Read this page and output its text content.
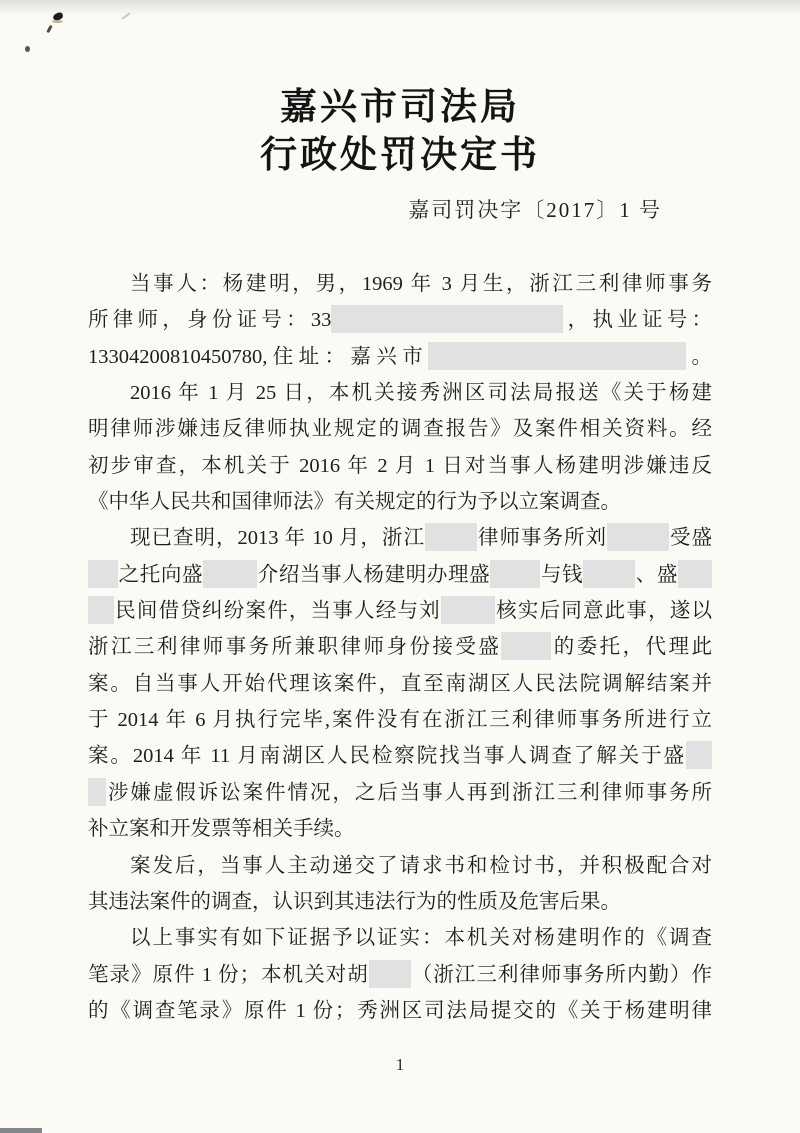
嘉兴市司法局
行政处罚决定书
嘉司罚决字〔2017〕1 号
当事人：杨建明，男，1969 年 3 月生，浙江三利律师事务
所律师，身份证号：33	，执业证号：
13304200810450780,住址：嘉兴市	。
2016 年 1 月 25 日，本机关接秀洲区司法局报送《关于杨建
明律师涉嫌违反律师执业规定的调查报告》及案件相关资料。经
初步审查，本机关于 2016 年 2 月 1 日对当事人杨建明涉嫌违反
《中华人民共和国律师法》有关规定的行为予以立案调查。
现已查明，2013 年 10 月，浙江	律师事务所刘	受盛
之托向盛	介绍当事人杨建明办理盛 与钱	、盛
民间借贷纠纷案件，当事人经与刘	核实后同意此事，遂以
浙江三利律师事务所兼职律师身份接受盛 的委托，代理此
案。自当事人开始代理该案件，直至南湖区人民法院调解结案并
于 2014 年 6 月执行完毕,案件没有在浙江三利律师事务所进行立
案。2014 年 11 月南湖区人民检察院找当事人调查了解关于盛
涉嫌虚假诉讼案件情况，之后当事人再到浙江三利律师事务所
补立案和开发票等相关手续。
案发后，当事人主动递交了请求书和检讨书，并积极配合对
其违法案件的调查，认识到其违法行为的性质及危害后果。
以上事实有如下证据予以证实：本机关对杨建明作的《调查
笔录》原件 1 份；本机关对胡 （浙江三利律师事务所内勤）作
的《调查笔录》原件 1 份；秀洲区司法局提交的《关于杨建明律
1
